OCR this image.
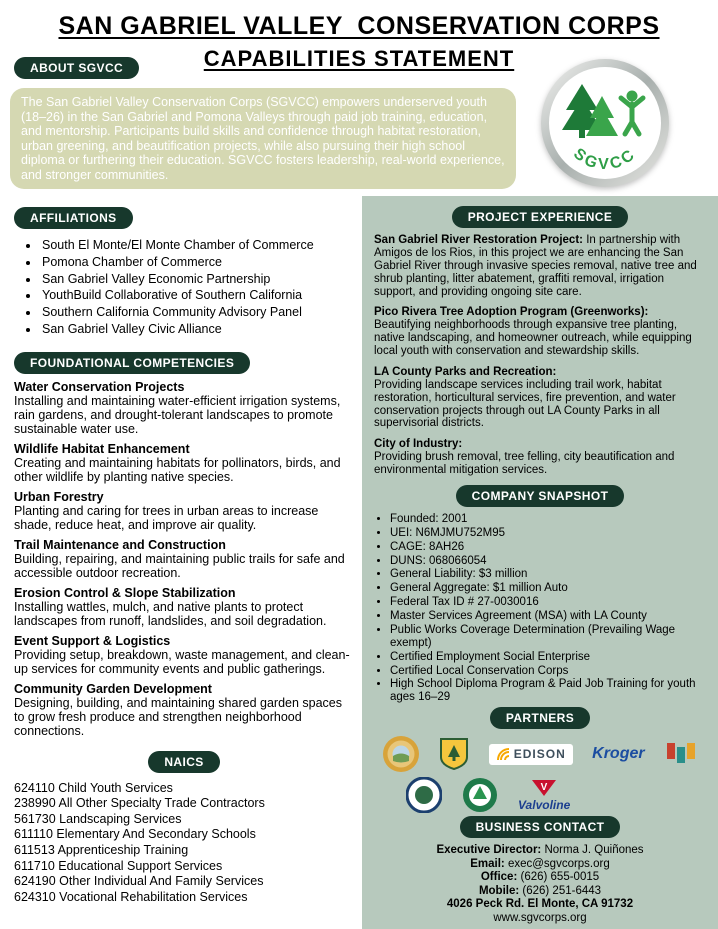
SAN GABRIEL VALLEY  CONSERVATION CORPS
CAPABILITIES STATEMENT
ABOUT SGVCC

The San Gabriel Valley Conservation Corps (SGVCC) empowers underserved youth (18–26) in the San Gabriel and Pomona Valleys through paid job training, education, and mentorship. Participants build skills and confidence through habitat restoration, urban greening, and beautification projects, while also pursuing their high school diploma or furthering their education. SGVCC fosters leadership, real-world experience, and stronger communities.

SGVCC
AFFILIATIONS
• South El Monte/El Monte Chamber of Commerce
• Pomona Chamber of Commerce
• San Gabriel Valley Economic Partnership
• YouthBuild Collaborative of Southern California
• Southern California Community Advisory Panel
• San Gabriel Valley Civic Alliance
FOUNDATIONAL COMPETENCIES
Water Conservation Projects
Installing and maintaining water-efficient irrigation systems, rain gardens, and drought-tolerant landscapes to promote sustainable water use.
Wildlife Habitat Enhancement
Creating and maintaining habitats for pollinators, birds, and other wildlife by planting native species.
Urban Forestry
Planting and caring for trees in urban areas to increase shade, reduce heat, and improve air quality.
Trail Maintenance and Construction
Building, repairing, and maintaining public trails for safe and accessible outdoor recreation.
Erosion Control & Slope Stabilization
Installing wattles, mulch, and native plants to protect landscapes from runoff, landslides, and soil degradation.
Event Support & Logistics
Providing setup, breakdown, waste management, and clean-up services for community events and public gatherings.
Community Garden Development
Designing, building, and maintaining shared garden spaces to grow fresh produce and strengthen neighborhood connections.
NAICS
624110 Child Youth Services
238990 All Other Specialty Trade Contractors
561730 Landscaping Services
611110 Elementary And Secondary Schools
611513 Apprenticeship Training
611710 Educational Support Services
624190 Other Individual And Family Services
624310 Vocational Rehabilitation Services
PROJECT EXPERIENCE

San Gabriel River Restoration Project: In partnership with Amigos de los Rios, in this project we are enhancing the San Gabriel River through invasive species removal, native tree and shrub planting, litter abatement, graffiti removal, irrigation support, and providing ongoing site care.

Pico Rivera Tree Adoption Program (Greenworks): Beautifying neighborhoods through expansive tree planting, native landscaping, and homeowner outreach, while equipping local youth with conservation and stewardship skills.

LA County Parks and Recreation:
Providing landscape services including trail work, habitat restoration, horticultural services, fire prevention, and water conservation projects through out LA County Parks in all supervisorial districts.

City of Industry:
Providing brush removal, tree felling, city beautification and environmental mitigation services.

COMPANY SNAPSHOT
• Founded: 2001
• UEI: N6MJMU752M95
• CAGE: 8AH26
• DUNS: 068066054
• General Liability: $3 million
• General Aggregate: $1 million Auto
• Federal Tax ID # 27-0030016
• Master Services Agreement (MSA) with LA County
• Public Works Coverage Determination (Prevailing Wage exempt)
• Certified Employment Social Enterprise
• Certified Local Conservation Corps
• High School Diploma Program & Paid Job Training for youth ages 16–29
PARTNERS
EDISON Kroger
V
Valvoline
BUSINESS CONTACT
Executive Director: Norma J. Quiñones
Email: exec@sgvcorps.org
Office: (626) 655-0015
Mobile: (626) 251-6443
4026 Peck Rd. El Monte, CA 91732
www.sgvcorps.org
